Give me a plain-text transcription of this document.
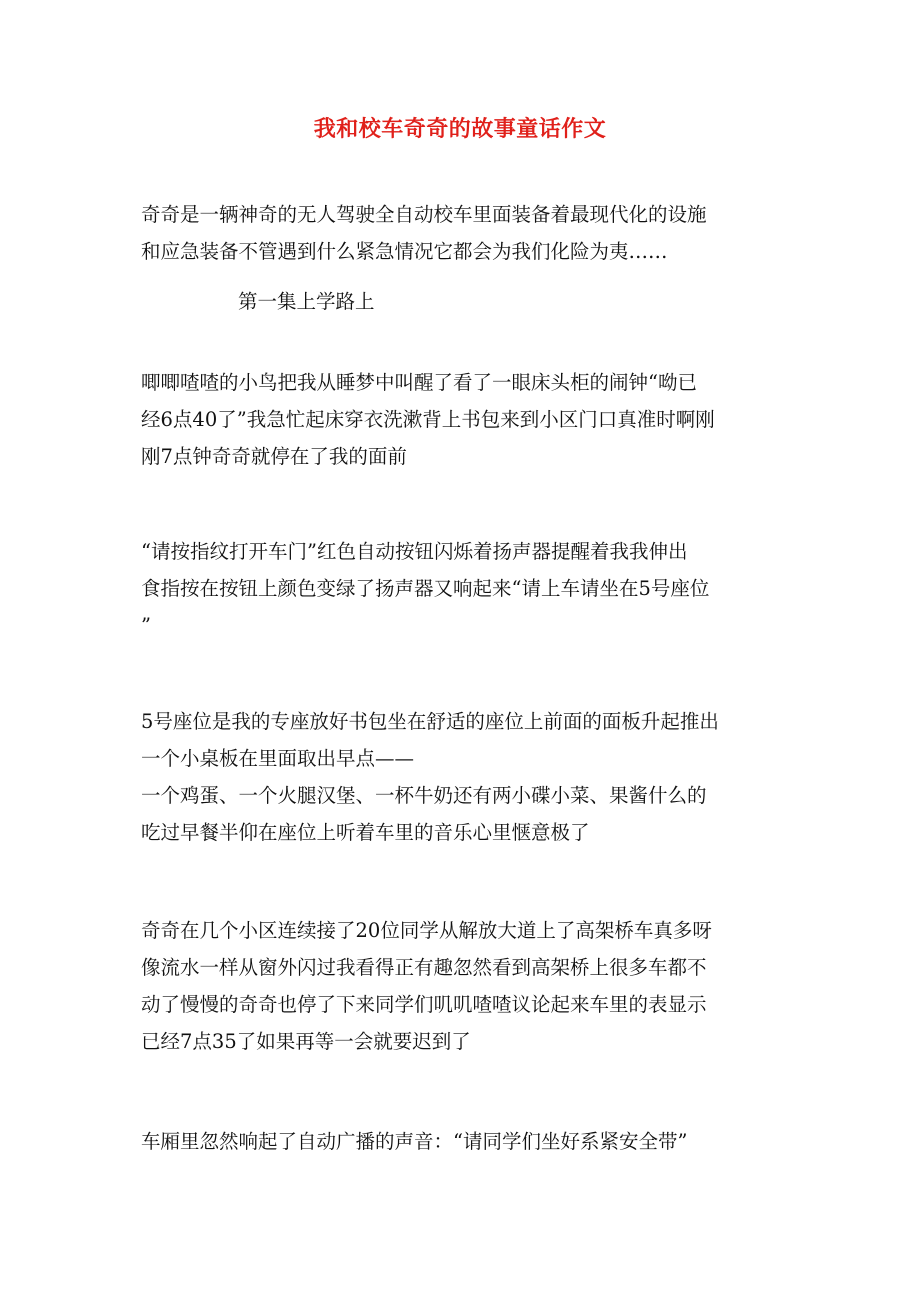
我和校车奇奇的故事童话作文
奇奇是一辆神奇的无人驾驶全自动校车里面装备着最现代化的设施
和应急装备不管遇到什么紧急情况它都会为我们化险为夷……
第一集上学路上
唧唧喳喳的小鸟把我从睡梦中叫醒了看了一眼床头柜的闹钟“呦已
经6点40了”我急忙起床穿衣洗漱背上书包来到小区门口真准时啊刚
刚7点钟奇奇就停在了我的面前
“请按指纹打开车门”红色自动按钮闪烁着扬声器提醒着我我伸出
食指按在按钮上颜色变绿了扬声器又响起来“请上车请坐在5号座位
”
5号座位是我的专座放好书包坐在舒适的座位上前面的面板升起推出
一个小桌板在里面取出早点——
一个鸡蛋、一个火腿汉堡、一杯牛奶还有两小碟小菜、果酱什么的
吃过早餐半仰在座位上听着车里的音乐心里惬意极了
奇奇在几个小区连续接了20位同学从解放大道上了高架桥车真多呀
像流水一样从窗外闪过我看得正有趣忽然看到高架桥上很多车都不
动了慢慢的奇奇也停了下来同学们叽叽喳喳议论起来车里的表显示
已经7点35了如果再等一会就要迟到了
车厢里忽然响起了自动广播的声音：“请同学们坐好系紧安全带”
